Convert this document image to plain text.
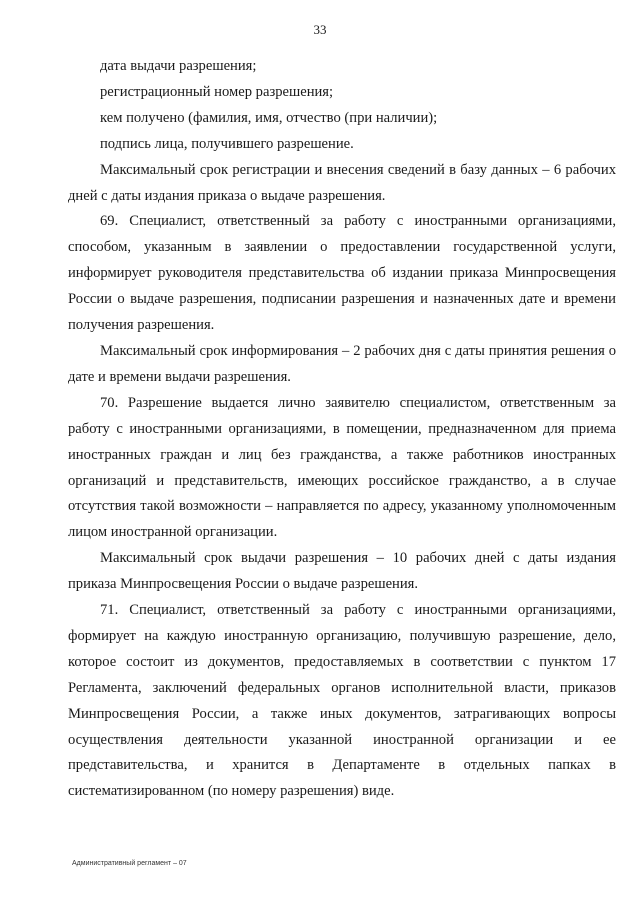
33

дата выдачи разрешения;

регистрационный номер разрешения;

кем получено (фамилия, имя, отчество (при наличии);

подпись лица, получившего разрешение.

Максимальный срок регистрации и внесения сведений в базу данных – 6 рабочих дней с даты издания приказа о выдаче разрешения.

69. Специалист, ответственный за работу с иностранными организациями, способом, указанным в заявлении о предоставлении государственной услуги, информирует руководителя представительства об издании приказа Минпросвещения России о выдаче разрешения, подписании разрешения и назначенных дате и времени получения разрешения.

Максимальный срок информирования – 2 рабочих дня с даты принятия решения о дате и времени выдачи разрешения.

70. Разрешение выдается лично заявителю специалистом, ответственным за работу с иностранными организациями, в помещении, предназначенном для приема иностранных граждан и лиц без гражданства, а также работников иностранных организаций и представительств, имеющих российское гражданство, а в случае отсутствия такой возможности – направляется по адресу, указанному уполномоченным лицом иностранной организации.

Максимальный срок выдачи разрешения – 10 рабочих дней с даты издания приказа Минпросвещения России о выдаче разрешения.

71. Специалист, ответственный за работу с иностранными организациями, формирует на каждую иностранную организацию, получившую разрешение, дело, которое состоит из документов, предоставляемых в соответствии с пунктом 17 Регламента, заключений федеральных органов исполнительной власти, приказов Минпросвещения России, а также иных документов, затрагивающих вопросы осуществления деятельности указанной иностранной организации и ее представительства, и хранится в Департаменте в отдельных папках в систематизированном (по номеру разрешения) виде.

Административный регламент – 07
